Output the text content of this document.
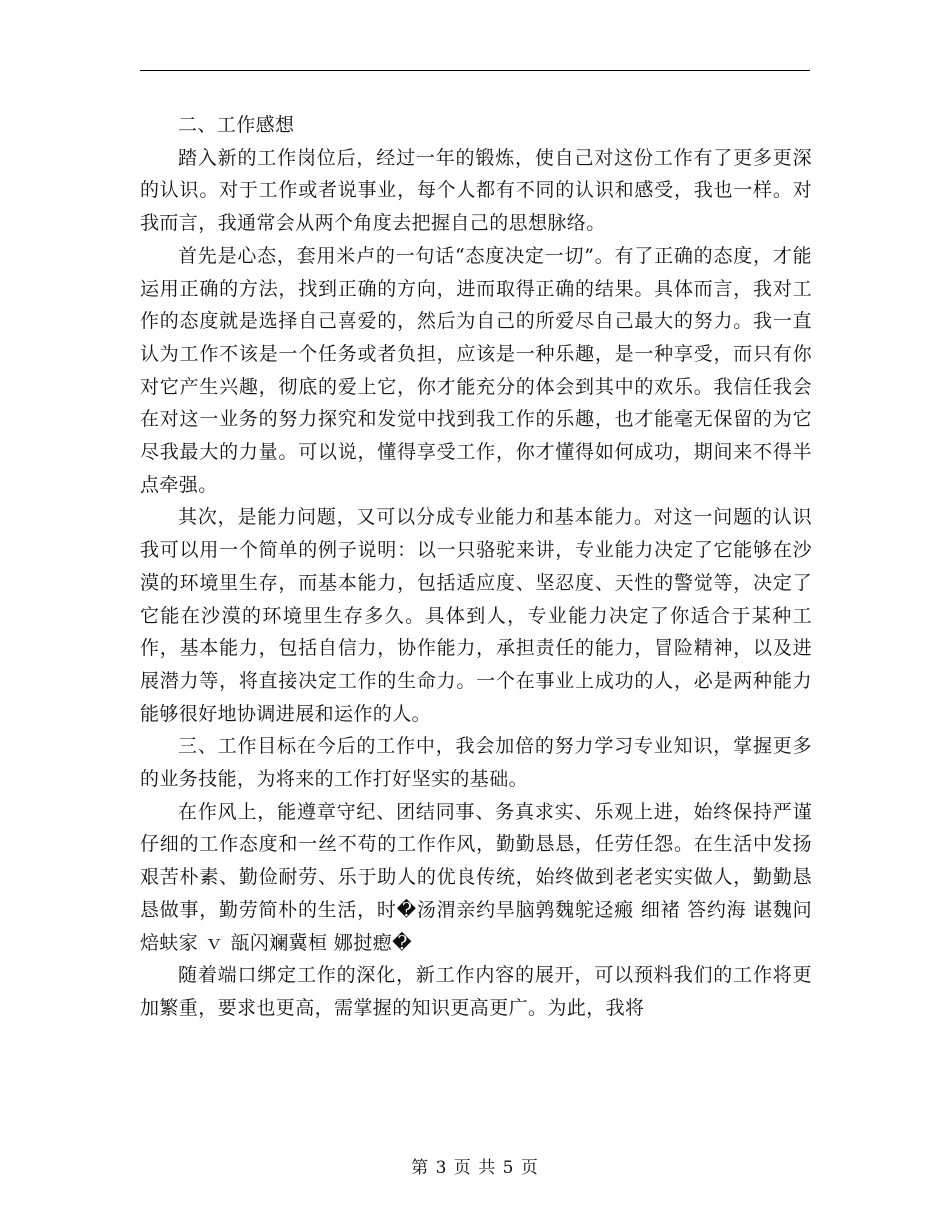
二、工作感想

踏入新的工作岗位后，经过一年的锻炼，使自己对这份工作有了更多更深的认识。对于工作或者说事业，每个人都有不同的认识和感受，我也一样。对我而言，我通常会从两个角度去把握自己的思想脉络。

首先是心态，套用米卢的一句话“态度决定一切”。有了正确的态度，才能运用正确的方法，找到正确的方向，进而取得正确的结果。具体而言，我对工作的态度就是选择自己喜爱的，然后为自己的所爱尽自己最大的努力。我一直认为工作不该是一个任务或者负担，应该是一种乐趣，是一种享受，而只有你对它产生兴趣，彻底的爱上它，你才能充分的体会到其中的欢乐。我信任我会在对这一业务的努力探究和发觉中找到我工作的乐趣，也才能毫无保留的为它尽我最大的力量。可以说，懂得享受工作，你才懂得如何成功，期间来不得半点牵强。

其次，是能力问题，又可以分成专业能力和基本能力。对这一问题的认识我可以用一个简单的例子说明：以一只骆驼来讲，专业能力决定了它能够在沙漠的环境里生存，而基本能力，包括适应度、坚忍度、天性的警觉等，决定了它能在沙漠的环境里生存多久。具体到人，专业能力决定了你适合于某种工作，基本能力，包括自信力，协作能力，承担责任的能力，冒险精神，以及进展潜力等，将直接决定工作的生命力。一个在事业上成功的人，必是两种能力能够很好地协调进展和运作的人。

三、工作目标在今后的工作中，我会加倍的努力学习专业知识，掌握更多的业务技能，为将来的工作打好坚实的基础。

在作风上，能遵章守纪、团结同事、务真求实、乐观上进，始终保持严谨仔细的工作态度和一丝不苟的工作作风，勤勤恳恳，任劳任怨。在生活中发扬艰苦朴素、勤俭耐劳、乐于助人的优良传统，始终做到老老实实做人，勤勤恳恳做事，勤劳简朴的生活，时�汤渭亲约旱脑鹑魏鸵迳瘢 细褚 答约海 谌魏问焙蚨家 ｖ 瓿闪斓冀桓 娜挝瘛�

随着端口绑定工作的深化，新工作内容的展开，可以预料我们的工作将更加繁重，要求也更高，需掌握的知识更高更广。为此，我将

第 3 页 共 5 页
